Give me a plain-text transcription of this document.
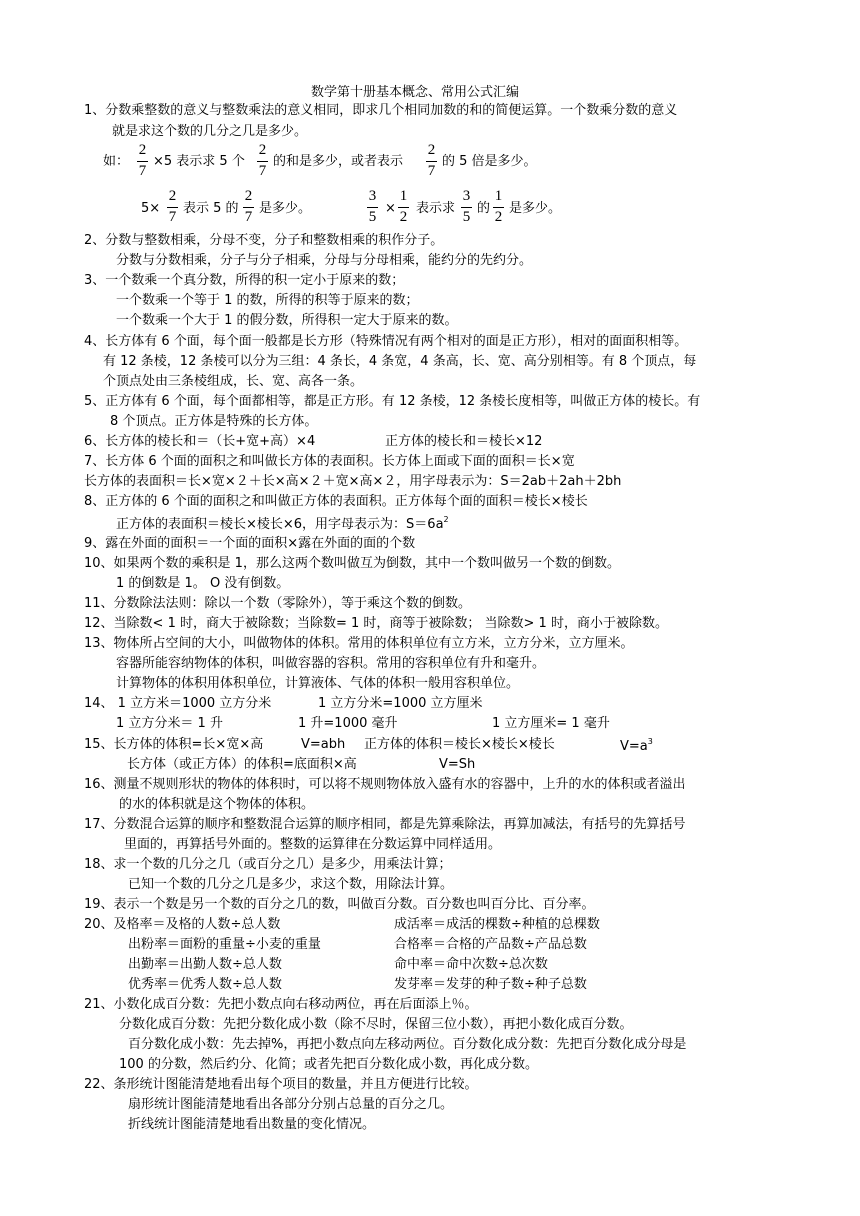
数学第十册基本概念、常用公式汇编
1、分数乘整数的意义与整数乘法的意义相同，即求几个相同加数的和的简便运算。一个数乘分数的意义
就是求这个数的几分之几是多少。
如：
2
7
×5 表示求 5 个
2
7
的和是多少，或者表示
2
7
的 5 倍是多少。
5×
2
7
表示 5 的
2
7
是多少。
3
5
×
1
2
表示求
3
5
的
1
2
是多少。
2、分数与整数相乘，分母不变，分子和整数相乘的积作分子。
分数与分数相乘，分子与分子相乘，分母与分母相乘，能约分的先约分。
3、一个数乘一个真分数，所得的积一定小于原来的数；
一个数乘一个等于 1 的数，所得的积等于原来的数；
一个数乘一个大于 1 的假分数，所得积一定大于原来的数。
4、长方体有 6 个面，每个面一般都是长方形（特殊情况有两个相对的面是正方形），相对的面面积相等。
有 12 条棱，12 条棱可以分为三组：4 条长，4 条宽，4 条高，长、宽、高分别相等。有 8 个顶点，每
个顶点处由三条棱组成，长、宽、高各一条。
5、正方体有 6 个面，每个面都相等，都是正方形。有 12 条棱，12 条棱长度相等，叫做正方体的棱长。有
8 个顶点。正方体是特殊的长方体。
6、长方体的棱长和＝（长+宽+高）×4	正方体的棱长和＝棱长×12
7、长方体 6 个面的面积之和叫做长方体的表面积。长方体上面或下面的面积＝长×宽
长方体的表面积＝长×宽×２＋长×高×２＋宽×高×２，用字母表示为：S＝2ab＋2ah＋2bh
8、正方体的 6 个面的面积之和叫做正方体的表面积。正方体每个面的面积＝棱长×棱长
正方体的表面积＝棱长×棱长×6，用字母表示为：$S=6a^2$
9、露在外面的面积＝一个面的面积×露在外面的面的个数
10、如果两个数的乘积是 1，那么这两个数叫做互为倒数，其中一个数叫做另一个数的倒数。
1 的倒数是 1。 O 没有倒数。
11、分数除法法则：除以一个数（零除外），等于乘这个数的倒数。
12、当除数< 1 时，商大于被除数；当除数= 1 时，商等于被除数； 当除数> 1 时，商小于被除数。
13、物体所占空间的大小，叫做物体的体积。常用的体积单位有立方米，立方分米，立方厘米。
容器所能容纳物体的体积，叫做容器的容积。常用的容积单位有升和毫升。
计算物体的体积用体积单位，计算液体、气体的体积一般用容积单位。
14、 1 立方米＝1000 立方分米	1 立方分米=1000 立方厘米
1 立方分米＝ 1 升	1 升=1000 毫升	1 立方厘米= 1 毫升
15、长方体的体积=长×宽×高	V=abh 正方体的体积＝棱长×棱长×棱长	$V=a^3$
长方体（或正方体）的体积=底面积×高	V=Sh
16、测量不规则形状的物体的体积时，可以将不规则物体放入盛有水的容器中，上升的水的体积或者溢出
的水的体积就是这个物体的体积。
17、分数混合运算的顺序和整数混合运算的顺序相同，都是先算乘除法，再算加减法，有括号的先算括号
里面的，再算括号外面的。整数的运算律在分数运算中同样适用。
18、求一个数的几分之几（或百分之几）是多少，用乘法计算；
已知一个数的几分之几是多少，求这个数，用除法计算。
19、表示一个数是另一个数的百分之几的数，叫做百分数。百分数也叫百分比、百分率。
20、及格率＝及格的人数÷总人数	成活率＝成活的棵数÷种植的总棵数
出粉率＝面粉的重量÷小麦的重量	合格率＝合格的产品数÷产品总数
出勤率＝出勤人数÷总人数	命中率＝命中次数÷总次数
优秀率＝优秀人数÷总人数	发芽率＝发芽的种子数÷种子总数
21、小数化成百分数：先把小数点向右移动两位，再在后面添上％。
分数化成百分数：先把分数化成小数（除不尽时，保留三位小数），再把小数化成百分数。
百分数化成小数：先去掉%，再把小数点向左移动两位。百分数化成分数：先把百分数化成分母是
100 的分数，然后约分、化简；或者先把百分数化成小数，再化成分数。
22、条形统计图能清楚地看出每个项目的数量，并且方便进行比较。
扇形统计图能清楚地看出各部分分别占总量的百分之几。
折线统计图能清楚地看出数量的变化情况。
